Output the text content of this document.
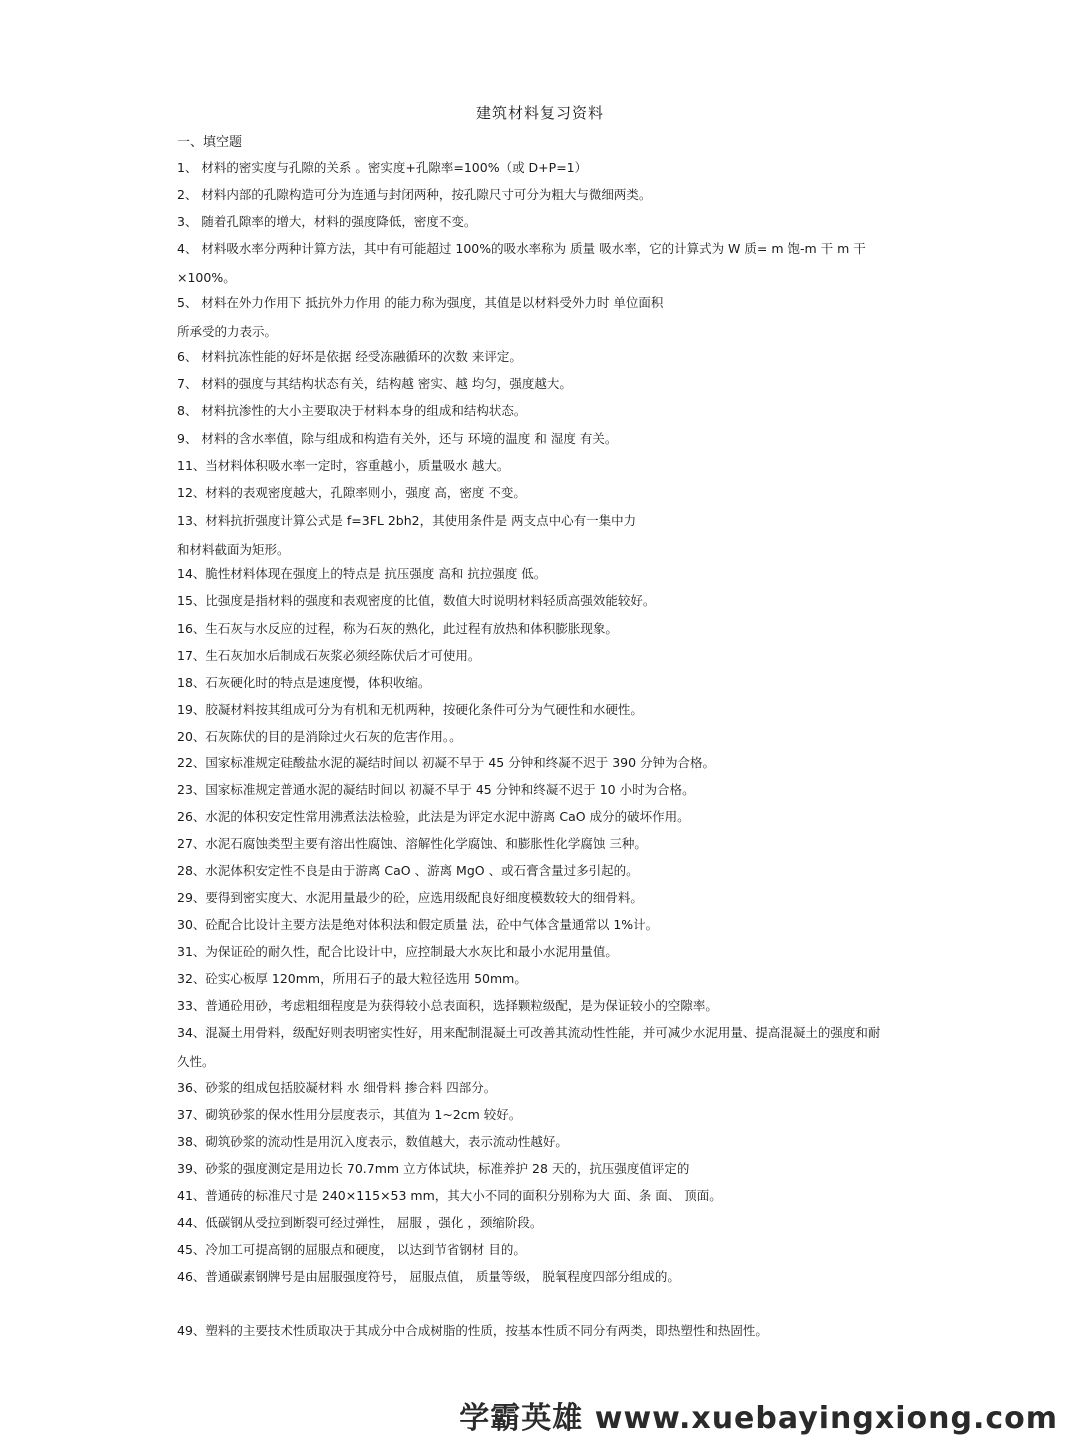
建筑材料复习资料
一、填空题
1、 材料的密实度与孔隙的关系 。密实度+孔隙率=100%（或 D+P=1）
2、 材料内部的孔隙构造可分为连通与封闭两种，按孔隙尺寸可分为粗大与微细两类。
3、 随着孔隙率的增大，材料的强度降低，密度不变。
4、 材料吸水率分两种计算方法，其中有可能超过 100%的吸水率称为 质量 吸水率，它的计算式为 W 质= m 饱-m 干 m 干
×100%。
5、 材料在外力作用下 抵抗外力作用 的能力称为强度，其值是以材料受外力时 单位面积
所承受的力表示。
6、 材料抗冻性能的好坏是依据 经受冻融循环的次数 来评定。
7、 材料的强度与其结构状态有关，结构越 密实、越 均匀，强度越大。
8、 材料抗渗性的大小主要取决于材料本身的组成和结构状态。
9、 材料的含水率值，除与组成和构造有关外，还与 环境的温度 和 湿度 有关。
11、当材料体积吸水率一定时，容重越小，质量吸水 越大。
12、材料的表观密度越大，孔隙率则小，强度 高，密度 不变。
13、材料抗折强度计算公式是 f=3FL 2bh2，其使用条件是 两支点中心有一集中力
和材料截面为矩形。
14、脆性材料体现在强度上的特点是 抗压强度 高和 抗拉强度 低。
15、比强度是指材料的强度和表观密度的比值，数值大时说明材料轻质高强效能较好。
16、生石灰与水反应的过程，称为石灰的熟化，此过程有放热和体积膨胀现象。
17、生石灰加水后制成石灰浆必须经陈伏后才可使用。
18、石灰硬化时的特点是速度慢，体积收缩。
19、胶凝材料按其组成可分为有机和无机两种，按硬化条件可分为气硬性和水硬性。
20、石灰陈伏的目的是消除过火石灰的危害作用。。
22、国家标准规定硅酸盐水泥的凝结时间以 初凝不早于 45 分钟和终凝不迟于 390 分钟为合格。
23、国家标准规定普通水泥的凝结时间以 初凝不早于 45 分钟和终凝不迟于 10 小时为合格。
26、水泥的体积安定性常用沸煮法法检验，此法是为评定水泥中游离 CaO 成分的破坏作用。
27、水泥石腐蚀类型主要有溶出性腐蚀、溶解性化学腐蚀、和膨胀性化学腐蚀 三种。
28、水泥体积安定性不良是由于游离 CaO 、游离 MgO 、或石膏含量过多引起的。
29、要得到密实度大、水泥用量最少的砼，应选用级配良好细度模数较大的细骨料。
30、砼配合比设计主要方法是绝对体积法和假定质量 法，砼中气体含量通常以 1%计。
31、为保证砼的耐久性，配合比设计中，应控制最大水灰比和最小水泥用量值。
32、砼实心板厚 120mm，所用石子的最大粒径选用 50mm。
33、普通砼用砂，考虑粗细程度是为获得较小总表面积，选择颗粒级配，是为保证较小的空隙率。
34、混凝土用骨料，级配好则表明密实性好，用来配制混凝土可改善其流动性性能，并可减少水泥用量、提高混凝土的强度和耐
久性。
36、砂浆的组成包括胶凝材料 水 细骨料 掺合料 四部分。
37、砌筑砂浆的保水性用分层度表示，其值为 1~2cm 较好。
38、砌筑砂浆的流动性是用沉入度表示，数值越大，表示流动性越好。
39、砂浆的强度测定是用边长 70.7mm 立方体试块，标准养护 28 天的，抗压强度值评定的
41、普通砖的标准尺寸是 240×115×53 mm，其大小不同的面积分别称为大 面、条 面、 顶面。
44、低碳钢从受拉到断裂可经过弹性， 屈服 ，强化 ，颈缩阶段。
45、冷加工可提高钢的屈服点和硬度， 以达到节省钢材 目的。
46、普通碳素钢牌号是由屈服强度符号， 屈服点值， 质量等级， 脱氧程度四部分组成的。
49、塑料的主要技术性质取决于其成分中合成树脂的性质，按基本性质不同分有两类，即热塑性和热固性。
学霸英雄 www.xuebayingxiong.com
